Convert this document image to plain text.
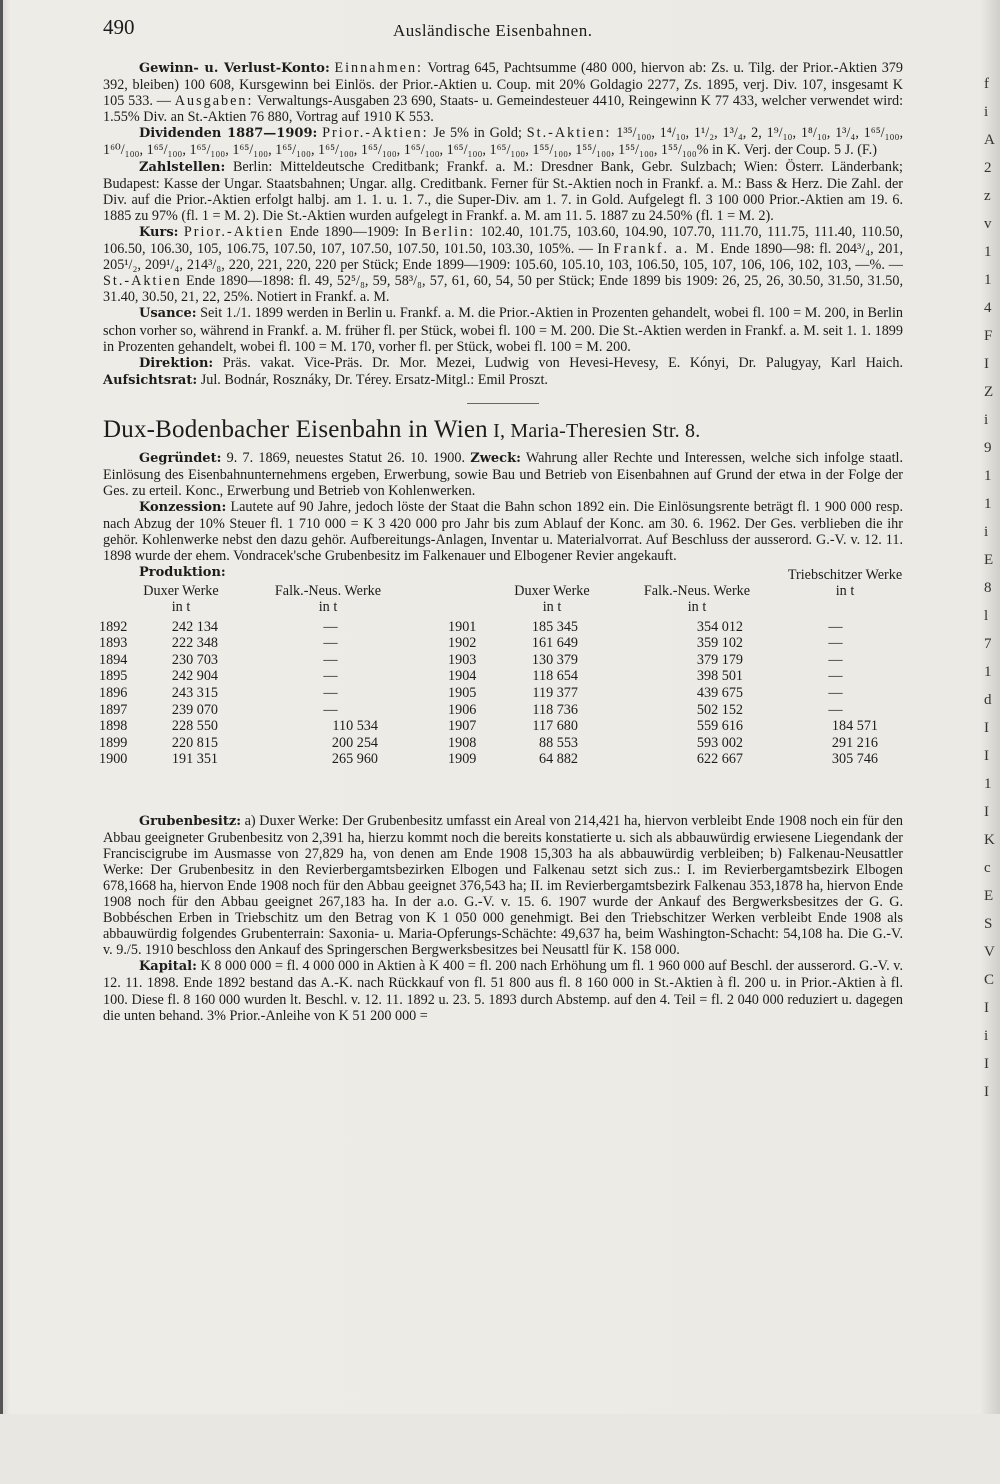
f
i
A
2
z
v
1
1
4
F
I
Z
i
9
1
1
i
E
8
l
7
1
d
I
I
1
I
K
c
E
S
V
C
I
i
I
I
490	Ausländische Eisenbahnen.

Gewinn- u. Verlust-Konto: Einnahmen: Vortrag 645, Pachtsumme (480 000, hiervon ab: Zs. u. Tilg. der Prior.-Aktien 379 392, bleiben) 100 608, Kursgewinn bei Einlös. der Prior.-Aktien u. Coup. mit 20% Goldagio 2277, Zs. 1895, verj. Div. 107, insgesamt K 105 533. — Ausgaben: Verwaltungs-Ausgaben 23 690, Staats- u. Gemeindesteuer 4410, Reingewinn K 77 433, welcher verwendet wird: 1.55% Div. an St.-Aktien 76 880, Vortrag auf 1910 K 553.

Dividenden 1887—1909: Prior.-Aktien: Je 5% in Gold; St.-Aktien: 1³⁵/₁₀₀, 1⁴/₁₀, 1¹/₂, 1³/₄, 2, 1⁹/₁₀, 1⁸/₁₀, 1³/₄, 1⁶⁵/₁₀₀, 1⁶⁰/₁₀₀, 1⁶⁵/₁₀₀, 1⁶⁵/₁₀₀, 1⁶⁵/₁₀₀, 1⁶⁵/₁₀₀, 1⁶⁵/₁₀₀, 1⁶⁵/₁₀₀, 1⁶⁵/₁₀₀, 1⁶⁵/₁₀₀, 1⁶⁵/₁₀₀, 1⁵⁵/₁₀₀, 1⁵⁵/₁₀₀, 1⁵⁵/₁₀₀, 1⁵⁵/₁₀₀% in K. Verj. der Coup. 5 J. (F.)

Zahlstellen: Berlin: Mitteldeutsche Creditbank; Frankf. a. M.: Dresdner Bank, Gebr. Sulzbach; Wien: Österr. Länderbank; Budapest: Kasse der Ungar. Staatsbahnen; Ungar. allg. Creditbank. Ferner für St.-Aktien noch in Frankf. a. M.: Bass & Herz. Die Zahl. der Div. auf die Prior.-Aktien erfolgt halbj. am 1. 1. u. 1. 7., die Super-Div. am 1. 7. in Gold. Aufgelegt fl. 3 100 000 Prior.-Aktien am 19. 6. 1885 zu 97% (fl. 1 = M. 2). Die St.-Aktien wurden aufgelegt in Frankf. a. M. am 11. 5. 1887 zu 24.50% (fl. 1 = M. 2).

Kurs: Prior.-Aktien Ende 1890—1909: In Berlin: 102.40, 101.75, 103.60, 104.90, 107.70, 111.70, 111.75, 111.40, 110.50, 106.50, 106.30, 105, 106.75, 107.50, 107, 107.50, 107.50, 101.50, 103.30, 105%. — In Frankf. a. M. Ende 1890—98: fl. 204³/₄, 201, 205¹/₂, 209¹/₄, 214³/₈, 220, 221, 220, 220 per Stück; Ende 1899—1909: 105.60, 105.10, 103, 106.50, 105, 107, 106, 106, 102, 103, —%. — St.-Aktien Ende 1890—1898: fl. 49, 52⁵/₈, 59, 58³/₈, 57, 61, 60, 54, 50 per Stück; Ende 1899 bis 1909: 26, 25, 26, 30.50, 31.50, 31.50, 31.40, 30.50, 21, 22, 25%. Notiert in Frankf. a. M.

Usance: Seit 1./1. 1899 werden in Berlin u. Frankf. a. M. die Prior.-Aktien in Prozenten gehandelt, wobei fl. 100 = M. 200, in Berlin schon vorher so, während in Frankf. a. M. früher fl. per Stück, wobei fl. 100 = M. 200. Die St.-Aktien werden in Frankf. a. M. seit 1. 1. 1899 in Prozenten gehandelt, wobei fl. 100 = M. 170, vorher fl. per Stück, wobei fl. 100 = M. 200.

Direktion: Präs. vakat. Vice-Präs. Dr. Mor. Mezei, Ludwig von Hevesi-Hevesy, E. Kónyi, Dr. Palugyay, Karl Haich. Aufsichtsrat: Jul. Bodnár, Rosznáky, Dr. Térey. Ersatz-Mitgl.: Emil Proszt.

Dux-Bodenbacher Eisenbahn in Wien I, Maria-Theresien Str. 8.

Gegründet: 9. 7. 1869, neuestes Statut 26. 10. 1900. Zweck: Wahrung aller Rechte und Interessen, welche sich infolge staatl. Einlösung des Eisenbahnunternehmens ergeben, Erwerbung, sowie Bau und Betrieb von Eisenbahnen auf Grund der etwa in der Folge der Ges. zu erteil. Konc., Erwerbung und Betrieb von Kohlenwerken.

Konzession: Lautete auf 90 Jahre, jedoch löste der Staat die Bahn schon 1892 ein. Die Einlösungsrente beträgt fl. 1 900 000 resp. nach Abzug der 10% Steuer fl. 1 710 000 = K 3 420 000 pro Jahr bis zum Ablauf der Konc. am 30. 6. 1962. Der Ges. verblieben die ihr gehör. Kohlenwerke nebst den dazu gehör. Aufbereitungs-Anlagen, Inventar u. Materialvorrat. Auf Beschluss der ausserord. G.-V. v. 12. 11. 1898 wurde der ehem. Vondracek'sche Grubenbesitz im Falkenauer und Elbogener Revier angekauft.

Produktion:
Duxer Werke
in t
Falk.-Neus. Werke
in t
Duxer Werke
in t
Falk.-Neus. Werke
in t
Triebschitzer Werke
in t
1892	242 134	—	1901	185 345	354 012	—
1893	222 348	—	1902	161 649	359 102	—
1894	230 703	—	1903	130 379	379 179	—
1895	242 904	—	1904	118 654	398 501	—
1896	243 315	—	1905	119 377	439 675	—
1897	239 070	—	1906	118 736	502 152	—
1898	228 550	110 534	1907	117 680	559 616	184 571
1899	220 815	200 254	1908	88 553	593 002	291 216
1900	191 351	265 960	1909	64 882	622 667	305 746

Grubenbesitz: a) Duxer Werke: Der Grubenbesitz umfasst ein Areal von 214,421 ha, hiervon verbleibt Ende 1908 noch ein für den Abbau geeigneter Grubenbesitz von 2,391 ha, hierzu kommt noch die bereits konstatierte u. sich als abbauwürdig erwiesene Liegendank der Franciscigrube im Ausmasse von 27,829 ha, von denen am Ende 1908 15,303 ha als abbauwürdig verbleiben; b) Falkenau-Neusattler Werke: Der Grubenbesitz in den Revierbergamtsbezirken Elbogen und Falkenau setzt sich zus.: I. im Revierbergamtsbezirk Elbogen 678,1668 ha, hiervon Ende 1908 noch für den Abbau geeignet 376,543 ha; II. im Revierbergamtsbezirk Falkenau 353,1878 ha, hiervon Ende 1908 noch für den Abbau geeignet 267,183 ha. In der a.o. G.-V. v. 15. 6. 1907 wurde der Ankauf des Bergwerksbesitzes der G. G. Bobbéschen Erben in Triebschitz um den Betrag von K 1 050 000 genehmigt. Bei den Triebschitzer Werken verbleibt Ende 1908 als abbauwürdig folgendes Grubenterrain: Saxonia- u. Maria-Opferungs-Schächte: 49,637 ha, beim Washington-Schacht: 54,108 ha. Die G.-V. v. 9./5. 1910 beschloss den Ankauf des Springerschen Bergwerksbesitzes bei Neusattl für K. 158 000.

Kapital: K 8 000 000 = fl. 4 000 000 in Aktien à K 400 = fl. 200 nach Erhöhung um fl. 1 960 000 auf Beschl. der ausserord. G.-V. v. 12. 11. 1898. Ende 1892 bestand das A.-K. nach Rückkauf von fl. 51 800 aus fl. 8 160 000 in St.-Aktien à fl. 200 u. in Prior.-Aktien à fl. 100. Diese fl. 8 160 000 wurden lt. Beschl. v. 12. 11. 1892 u. 23. 5. 1893 durch Abstemp. auf den 4. Teil = fl. 2 040 000 reduziert u. dagegen die unten behand. 3% Prior.-Anleihe von K 51 200 000 =
